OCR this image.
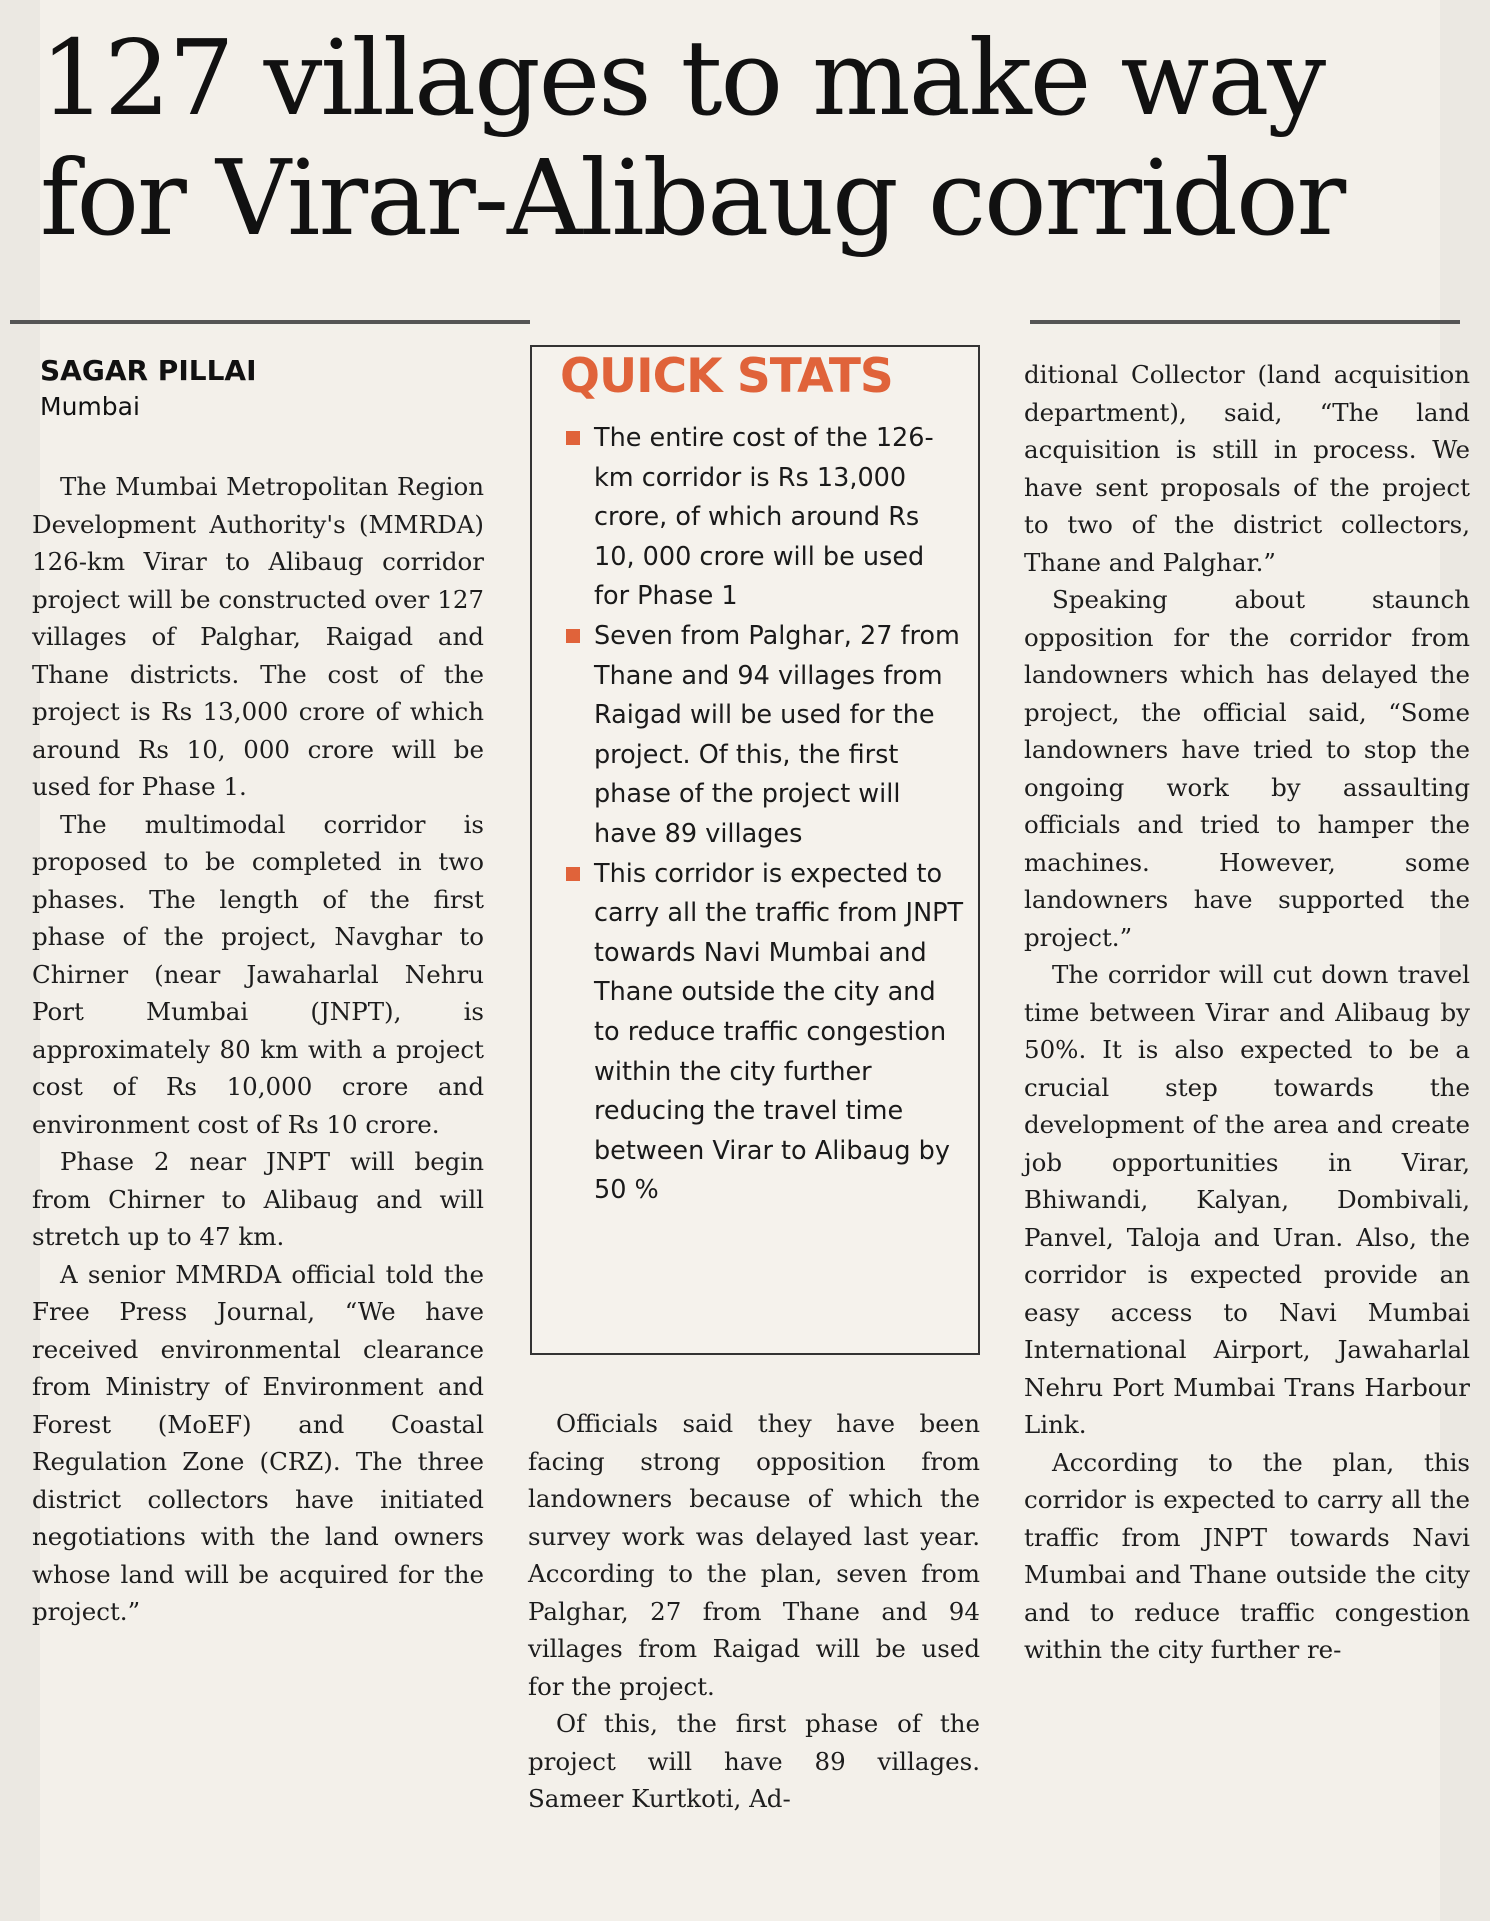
127 villages to make way for Virar-Alibaug corridor
SAGAR PILLAI
Mumbai

The Mumbai Metropolitan Region Development Authority's (MMRDA) 126-km Virar to Alibaug corridor project will be constructed over 127 villages of Palghar, Raigad and Thane districts. The cost of the project is Rs 13,000 crore of which around Rs 10, 000 crore will be used for Phase 1.

The multimodal corridor is proposed to be completed in two phases. The length of the first phase of the project, Navghar to Chirner (near Jawaharlal Nehru Port Mumbai (JNPT), is approximately 80 km with a project cost of Rs 10,000 crore and environment cost of Rs 10 crore.

Phase 2 near JNPT will begin from Chirner to Alibaug and will stretch up to 47 km.

A senior MMRDA official told the Free Press Journal, “We have received environmental clearance from Ministry of Environment and Forest (MoEF) and Coastal Regulation Zone (CRZ). The three district collectors have initiated negotiations with the land owners whose land will be acquired for the project.”

QUICK STATS
The entire cost of the 126-km corridor is Rs 13,000 crore, of which around Rs 10, 000 crore will be used for Phase 1
Seven from Palghar, 27 from Thane and 94 villages from Raigad will be used for the project. Of this, the first phase of the project will have 89 villages
This corridor is expected to carry all the traffic from JNPT towards Navi Mumbai and Thane outside the city and to reduce traffic congestion within the city further reducing the travel time between Virar to Alibaug by 50 %

Officials said they have been facing strong opposition from landowners because of which the survey work was delayed last year. According to the plan, seven from Palghar, 27 from Thane and 94 villages from Raigad will be used for the project.

Of this, the first phase of the project will have 89 villages. Sameer Kurtkoti, Ad-

ditional Collector (land acquisition department), said, “The land acquisition is still in process. We have sent proposals of the project to two of the district collectors, Thane and Palghar.”

Speaking about staunch opposition for the corridor from landowners which has delayed the project, the official said, “Some landowners have tried to stop the ongoing work by assaulting officials and tried to hamper the machines. However, some landowners have supported the project.”

The corridor will cut down travel time between Virar and Alibaug by 50%. It is also expected to be a crucial step towards the development of the area and create job opportunities in Virar, Bhiwandi, Kalyan, Dombivali, Panvel, Taloja and Uran. Also, the corridor is expected provide an easy access to Navi Mumbai International Airport, Jawaharlal Nehru Port Mumbai Trans Harbour Link.

According to the plan, this corridor is expected to carry all the traffic from JNPT towards Navi Mumbai and Thane outside the city and to reduce traffic congestion within the city further re-
